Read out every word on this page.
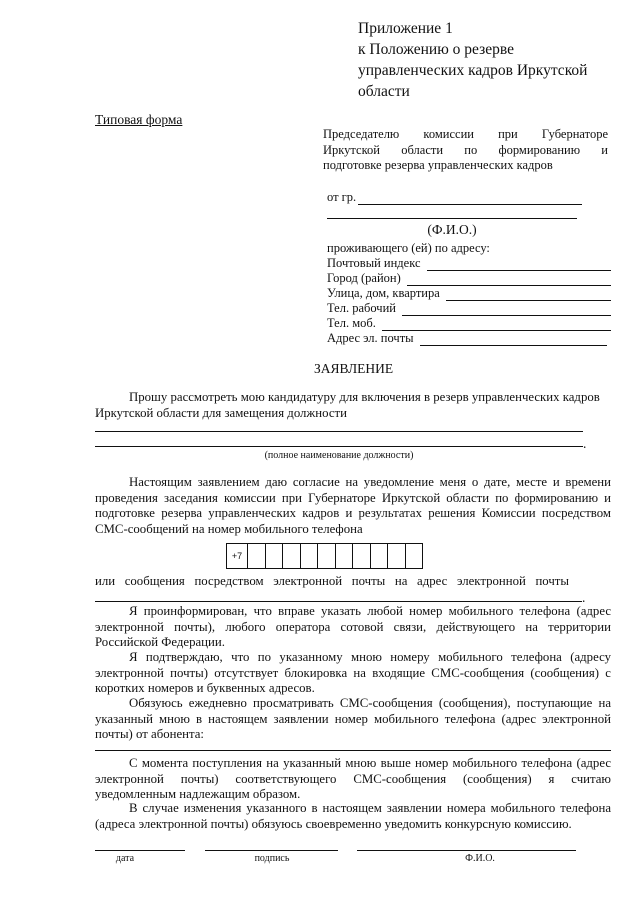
Приложение 1
к Положению о резерве
управленческих кадров Иркутской
области
Типовая форма
Председателю комиссии при Губернаторе
Иркутской области по формированию и
подготовке резерва управленческих кадров
от гр.
(Ф.И.О.)
проживающего (ей) по адресу:
Почтовый индекс
Город (район)
Улица, дом, квартира
Тел. рабочий
Тел. моб.
Адрес эл. почты
ЗАЯВЛЕНИЕ
Прошу рассмотреть мою кандидатуру для включения в резерв управленческих кадров
Иркутской области для замещения должности
.
(полное наименование должности)
Настоящим заявлением даю согласие на уведомление меня о дате, месте и времени
проведения заседания комиссии при Губернаторе Иркутской области по формированию и
подготовке резерва управленческих кадров и результатах решения Комиссии посредством
СМС-сообщений на номер мобильного телефона
+7
или сообщения посредством электронной почты на адрес электронной почты
.
Я проинформирован, что вправе указать любой номер мобильного телефона (адрес
электронной почты), любого оператора сотовой связи, действующего на территории
Российской Федерации.
Я подтверждаю, что по указанному мною номеру мобильного телефона (адресу
электронной почты) отсутствует блокировка на входящие СМС-сообщения (сообщения) с
коротких номеров и буквенных адресов.
Обязуюсь ежедневно просматривать СМС-сообщения (сообщения), поступающие на
указанный мною в настоящем заявлении номер мобильного телефона (адрес электронной
почты) от абонента:
С момента поступления на указанный мною выше номер мобильного телефона (адрес
электронной почты) соответствующего СМС-сообщения (сообщения) я считаю
уведомленным надлежащим образом.
В случае изменения указанного в настоящем заявлении номера мобильного телефона
(адреса электронной почты) обязуюсь своевременно уведомить конкурсную комиссию.
дата	подпись	Ф.И.О.
